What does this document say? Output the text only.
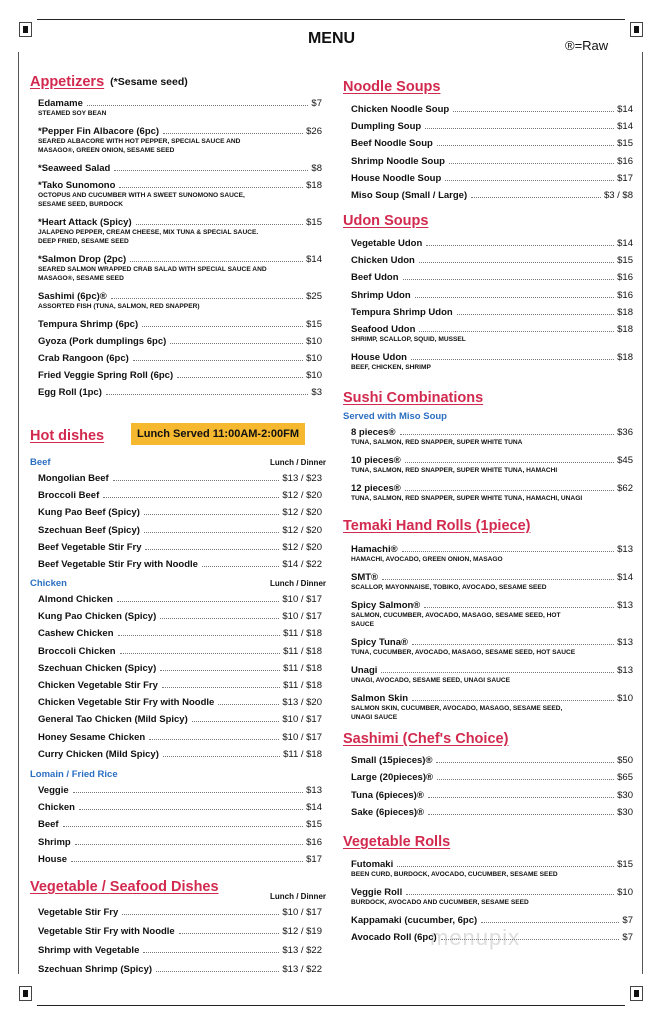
MENU	®=Raw
menupix
Appetizers (*Sesame seed)
Edamame	$7
STEAMED SOY BEAN
*Pepper Fin Albacore (6pc)	$26
SEARED ALBACORE WITH HOT PEPPER, SPECIAL SAUCE AND
MASAGO®, GREEN ONION, SESAME SEED
*Seaweed Salad	$8
*Tako Sunomono	$18
OCTOPUS AND CUCUMBER WITH A SWEET SUNOMONO SAUCE,
SESAME SEED, BURDOCK
*Heart Attack (Spicy)	$15
JALAPENO PEPPER, CREAM CHEESE, MIX TUNA & SPECIAL SAUCE.
DEEP FRIED, SESAME SEED
*Salmon Drop (2pc)	$14
SEARED SALMON WRAPPED CRAB SALAD WITH SPECIAL SAUCE AND
MASAGO®, SESAME SEED
Sashimi (6pc)®	$25
ASSORTED FISH (TUNA, SALMON, RED SNAPPER)
Tempura Shrimp (6pc)	$15
Gyoza (Pork dumplings 6pc)	$10
Crab Rangoon (6pc)	$10
Fried Veggie Spring Roll (6pc)	$10
Egg Roll (1pc)	$3
Hot dishes	Lunch Served 11:00AM-2:00FM
Beef	Lunch / Dinner
Mongolian Beef	$13 / $23
Broccoli Beef	$12 / $20
Kung Pao Beef (Spicy)	$12 / $20
Szechuan Beef (Spicy)	$12 / $20
Beef Vegetable Stir Fry	$12 / $20
Beef Vegetable Stir Fry with Noodle	$14 / $22
Chicken	Lunch / Dinner
Almond Chicken	$10 / $17
Kung Pao Chicken (Spicy)	$10 / $17
Cashew Chicken	$11 / $18
Broccoli Chicken	$11 / $18
Szechuan Chicken (Spicy)	$11 / $18
Chicken Vegetable Stir Fry	$11 / $18
Chicken Vegetable Stir Fry with Noodle	$13 / $20
General Tao Chicken (Mild Spicy)	$10 / $17
Honey Sesame Chicken	$10 / $17
Curry Chicken (Mild Spicy)	$11 / $18
Lomain / Fried Rice
Veggie	$13
Chicken	$14
Beef	$15
Shrimp	$16
House	$17
Vegetable / Seafood Dishes
Lunch / Dinner
Vegetable Stir Fry	$10 / $17
Vegetable Stir Fry with Noodle	$12 / $19
Shrimp with Vegetable	$13 / $22
Szechuan Shrimp (Spicy)	$13 / $22
Noodle Soups
Chicken Noodle Soup	$14
Dumpling Soup	$14
Beef Noodle Soup	$15
Shrimp Noodle Soup	$16
House Noodle Soup	$17
Miso Soup (Small / Large)	$3 / $8
Udon Soups
Vegetable Udon	$14
Chicken Udon	$15
Beef Udon	$16
Shrimp Udon	$16
Tempura Shrimp Udon	$18
Seafood Udon	$18
SHRIMP, SCALLOP, SQUID, MUSSEL
House Udon	$18
BEEF, CHICKEN, SHRIMP
Sushi Combinations
Served with Miso Soup
8 pieces®	$36
TUNA, SALMON, RED SNAPPER, SUPER WHITE TUNA
10 pieces®	$45
TUNA, SALMON, RED SNAPPER, SUPER WHITE TUNA, HAMACHI
12 pieces®	$62
TUNA, SALMON, RED SNAPPER, SUPER WHITE TUNA, HAMACHI, UNAGI
Temaki Hand Rolls (1piece)
Hamachi®	$13
HAMACHI, AVOCADO, GREEN ONION, MASAGO
SMT®	$14
SCALLOP, MAYONNAISE, TOBIKO, AVOCADO, SESAME SEED
Spicy Salmon®	$13
SALMON, CUCUMBER, AVOCADO, MASAGO, SESAME SEED, HOT
SAUCE
Spicy Tuna®	$13
TUNA, CUCUMBER, AVOCADO, MASAGO, SESAME SEED, HOT SAUCE
Unagi	$13
UNAGI, AVOCADO, SESAME SEED, UNAGI SAUCE
Salmon Skin	$10
SALMON SKIN, CUCUMBER, AVOCADO, MASAGO, SESAME SEED,
UNAGI SAUCE
Sashimi (Chef's Choice)
Small (15pieces)®	$50
Large (20pieces)®	$65
Tuna (6pieces)®	$30
Sake (6pieces)®	$30
Vegetable Rolls
Futomaki	$15
BEEN CURD, BURDOCK, AVOCADO, CUCUMBER, SESAME SEED
Veggie Roll	$10
BURDOCK, AVOCADO AND CUCUMBER, SESAME SEED
Kappamaki (cucumber, 6pc)	$7
Avocado Roll (6pc)	$7
